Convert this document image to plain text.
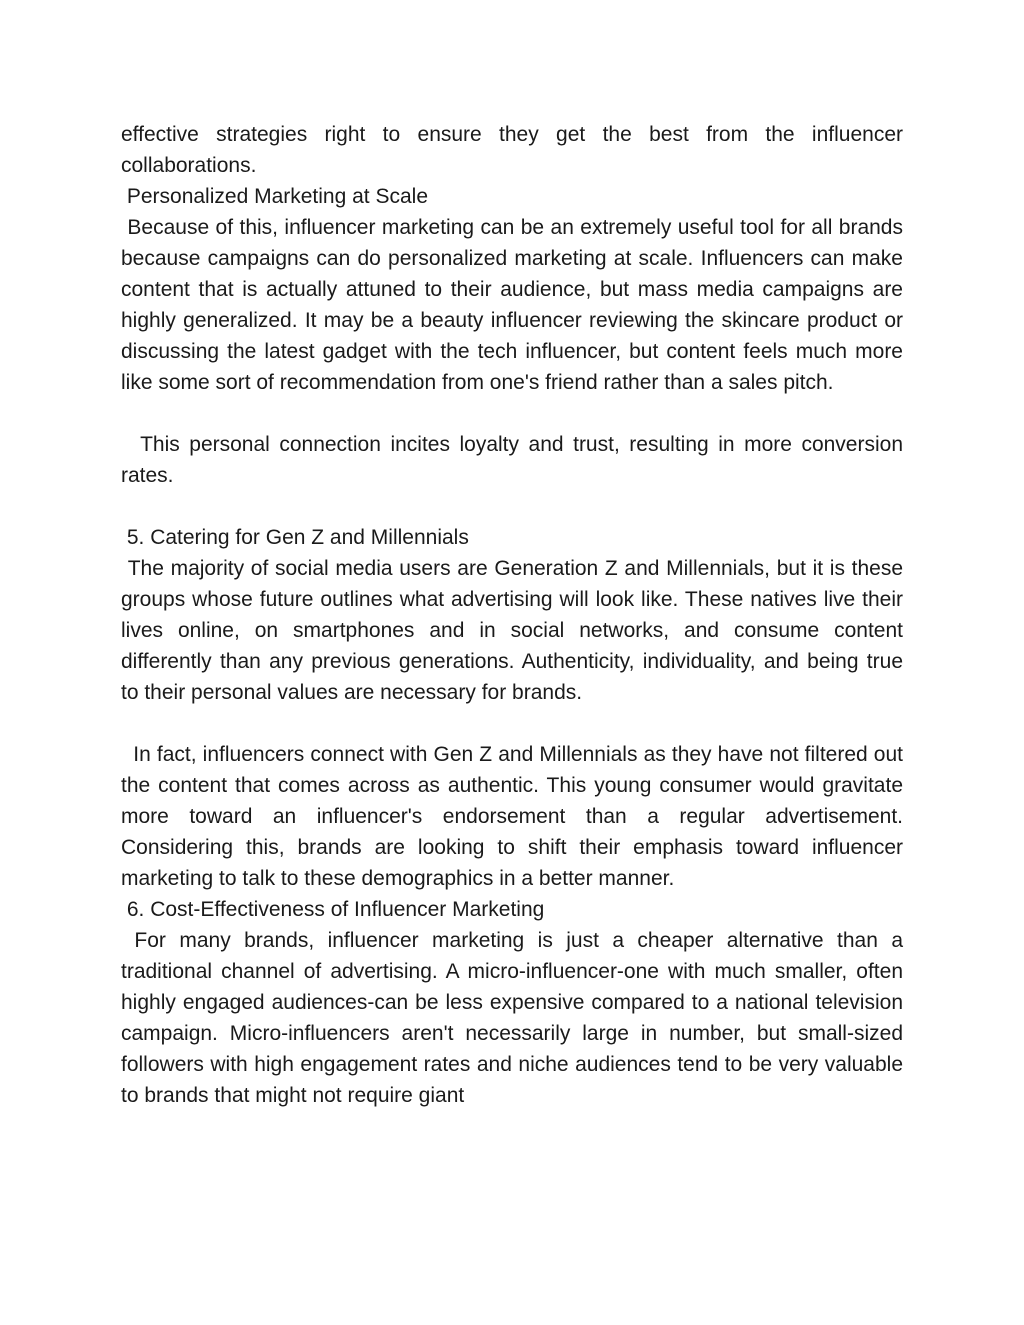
effective strategies right to ensure they get the best from the influencer collaborations.

Personalized Marketing at Scale

Because of this, influencer marketing can be an extremely useful tool for all brands because campaigns can do personalized marketing at scale. Influencers can make content that is actually attuned to their audience, but mass media campaigns are highly generalized. It may be a beauty influencer reviewing the skincare product or discussing the latest gadget with the tech influencer, but content feels much more like some sort of recommendation from one's friend rather than a sales pitch.

This personal connection incites loyalty and trust, resulting in more conversion rates.

5. Catering for Gen Z and Millennials

The majority of social media users are Generation Z and Millennials, but it is these groups whose future outlines what advertising will look like. These natives live their lives online, on smartphones and in social networks, and consume content differently than any previous generations. Authenticity, individuality, and being true to their personal values are necessary for brands.

In fact, influencers connect with Gen Z and Millennials as they have not filtered out the content that comes across as authentic. This young consumer would gravitate more toward an influencer's endorsement than a regular advertisement. Considering this, brands are looking to shift their emphasis toward influencer marketing to talk to these demographics in a better manner.

6. Cost-Effectiveness of Influencer Marketing

For many brands, influencer marketing is just a cheaper alternative than a traditional channel of advertising. A micro-influencer-one with much smaller, often highly engaged audiences-can be less expensive compared to a national television campaign. Micro-influencers aren't necessarily large in number, but small-sized followers with high engagement rates and niche audiences tend to be very valuable to brands that might not require giant
